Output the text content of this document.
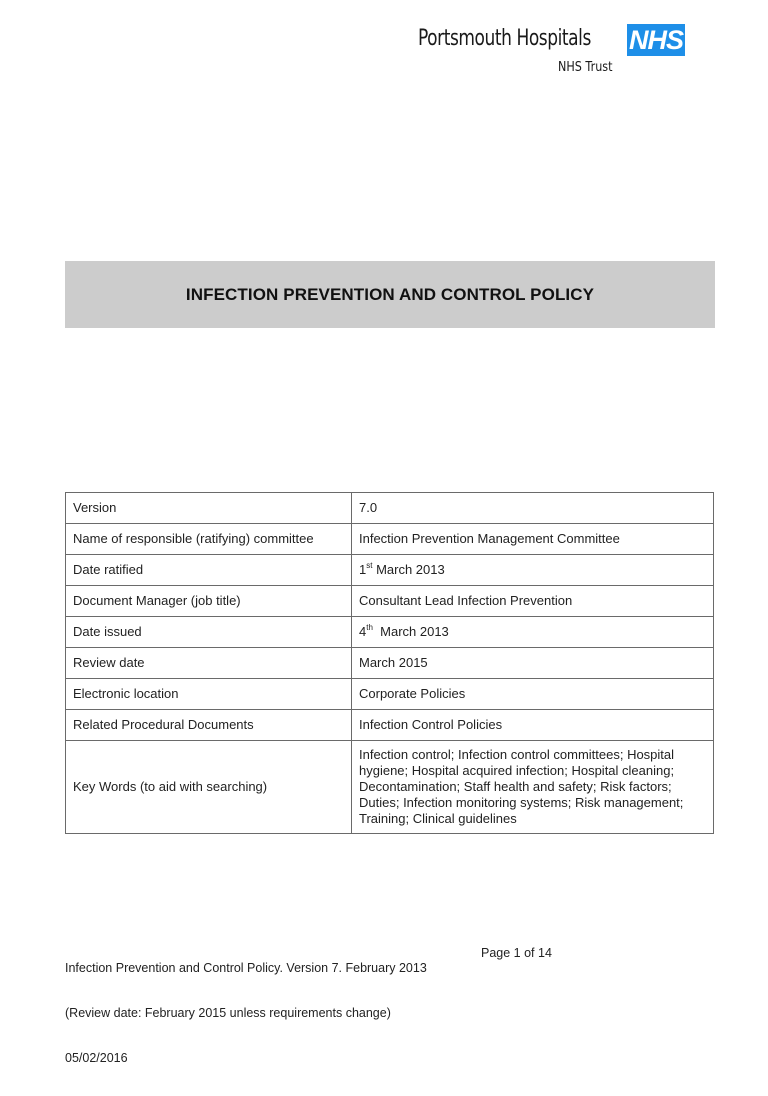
Portsmouth Hospitals NHS
NHS Trust
INFECTION PREVENTION AND CONTROL POLICY
Version	7.0
Name of responsible (ratifying) committee	Infection Prevention Management Committee
Date ratified	1st March 2013
Document Manager (job title)	Consultant Lead Infection Prevention
Date issued	4th  March 2013
Review date	March 2015
Electronic location	Corporate Policies
Related Procedural Documents	Infection Control Policies
Key Words (to aid with searching)	Infection control; Infection control committees; Hospital hygiene; Hospital acquired infection; Hospital cleaning; Decontamination; Staff health and safety; Risk factors; Duties; Infection monitoring systems; Risk management; Training; Clinical guidelines

Infection Prevention and Control Policy. Version 7. February 2013

(Review date: February 2015 unless requirements change)

05/02/2016

Page 1 of 14
